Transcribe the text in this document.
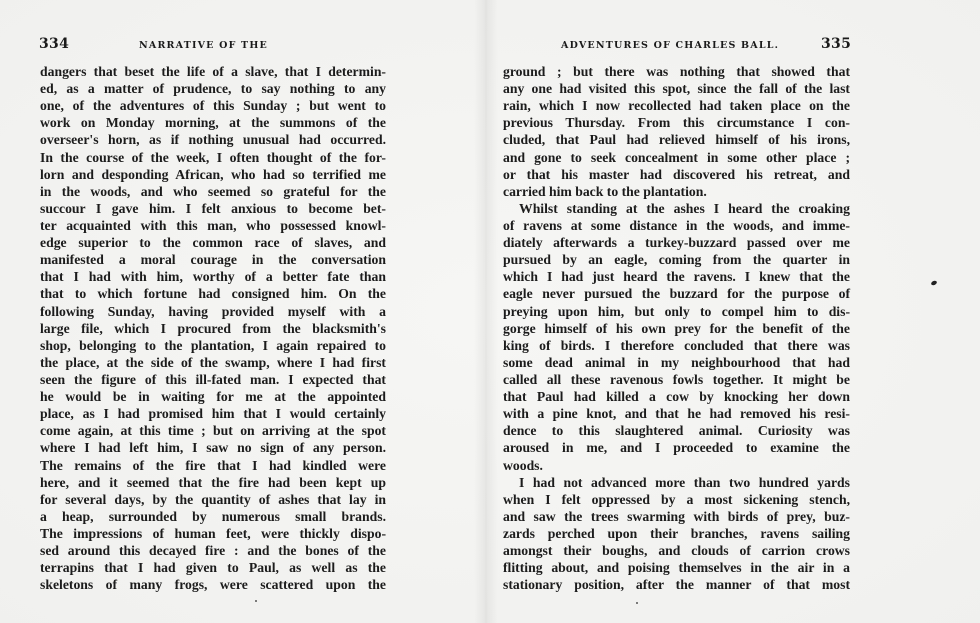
334	NARRATIVE OF THE
dangers that beset the life of a slave, that I determin-
ed, as a matter of prudence, to say nothing to any
one, of the adventures of this Sunday ; but went to
work on Monday morning, at the summons of the
overseer's horn, as if nothing unusual had occurred.
In the course of the week, I often thought of the for-
lorn and desponding African, who had so terrified me
in the woods, and who seemed so grateful for the
succour I gave him. I felt anxious to become bet-
ter acquainted with this man, who possessed knowl-
edge superior to the common race of slaves, and
manifested a moral courage in the conversation
that I had with him, worthy of a better fate than
that to which fortune had consigned him. On the
following Sunday, having provided myself with a
large file, which I procured from the blacksmith's
shop, belonging to the plantation, I again repaired to
the place, at the side of the swamp, where I had first
seen the figure of this ill-fated man. I expected that
he would be in waiting for me at the appointed
place, as I had promised him that I would certainly
come again, at this time ; but on arriving at the spot
where I had left him, I saw no sign of any person.
The remains of the fire that I had kindled were
here, and it seemed that the fire had been kept up
for several days, by the quantity of ashes that lay in
a heap, surrounded by numerous small brands.
The impressions of human feet, were thickly dispo-
sed around this decayed fire : and the bones of the
terrapins that I had given to Paul, as well as the
skeletons of many frogs, were scattered upon the
ADVENTURES OF CHARLES BALL.	335
ground ; but there was nothing that showed that
any one had visited this spot, since the fall of the last
rain, which I now recollected had taken place on the
previous Thursday. From this circumstance I con-
cluded, that Paul had relieved himself of his irons,
and gone to seek concealment in some other place ;
or that his master had discovered his retreat, and
carried him back to the plantation.
Whilst standing at the ashes I heard the croaking
of ravens at some distance in the woods, and imme-
diately afterwards a turkey-buzzard passed over me
pursued by an eagle, coming from the quarter in
which I had just heard the ravens. I knew that the
eagle never pursued the buzzard for the purpose of
preying upon him, but only to compel him to dis-
gorge himself of his own prey for the benefit of the
king of birds. I therefore concluded that there was
some dead animal in my neighbourhood that had
called all these ravenous fowls together. It might be
that Paul had killed a cow by knocking her down
with a pine knot, and that he had removed his resi-
dence to this slaughtered animal. Curiosity was
aroused in me, and I proceeded to examine the
woods.
I had not advanced more than two hundred yards
when I felt oppressed by a most sickening stench,
and saw the trees swarming with birds of prey, buz-
zards perched upon their branches, ravens sailing
amongst their boughs, and clouds of carrion crows
flitting about, and poising themselves in the air in a
stationary position, after the manner of that most
